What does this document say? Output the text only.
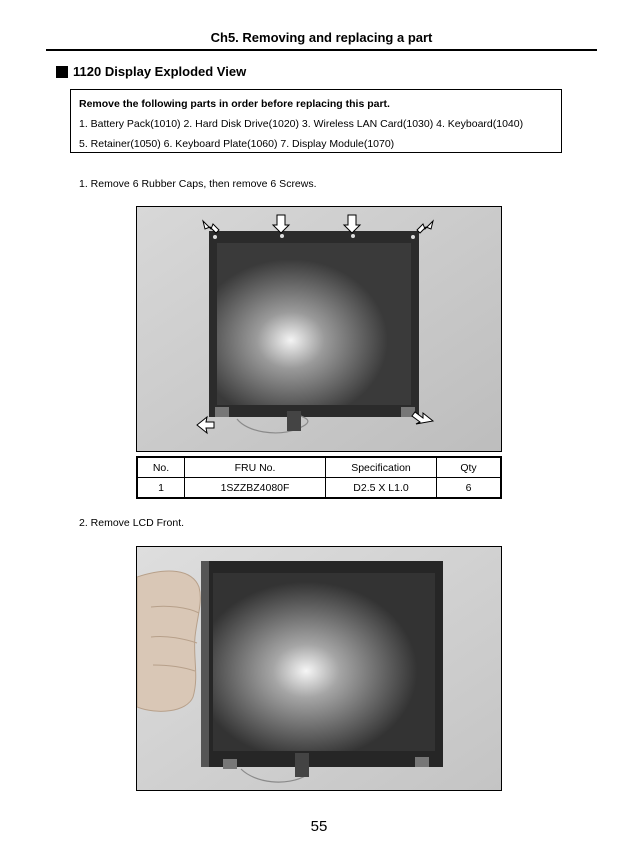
Ch5. Removing and replacing a part
1120 Display Exploded View
Remove the following parts in order before replacing this part.
1. Battery Pack(1010) 2. Hard Disk Drive(1020) 3. Wireless LAN Card(1030) 4. Keyboard(1040)
5. Retainer(1050) 6. Keyboard Plate(1060) 7. Display Module(1070)
1. Remove 6 Rubber Caps, then remove 6 Screws.
No.	FRU No.	Specification	Qty
1	1SZZBZ4080F	D2.5 X L1.0	6
2. Remove LCD Front.
55
